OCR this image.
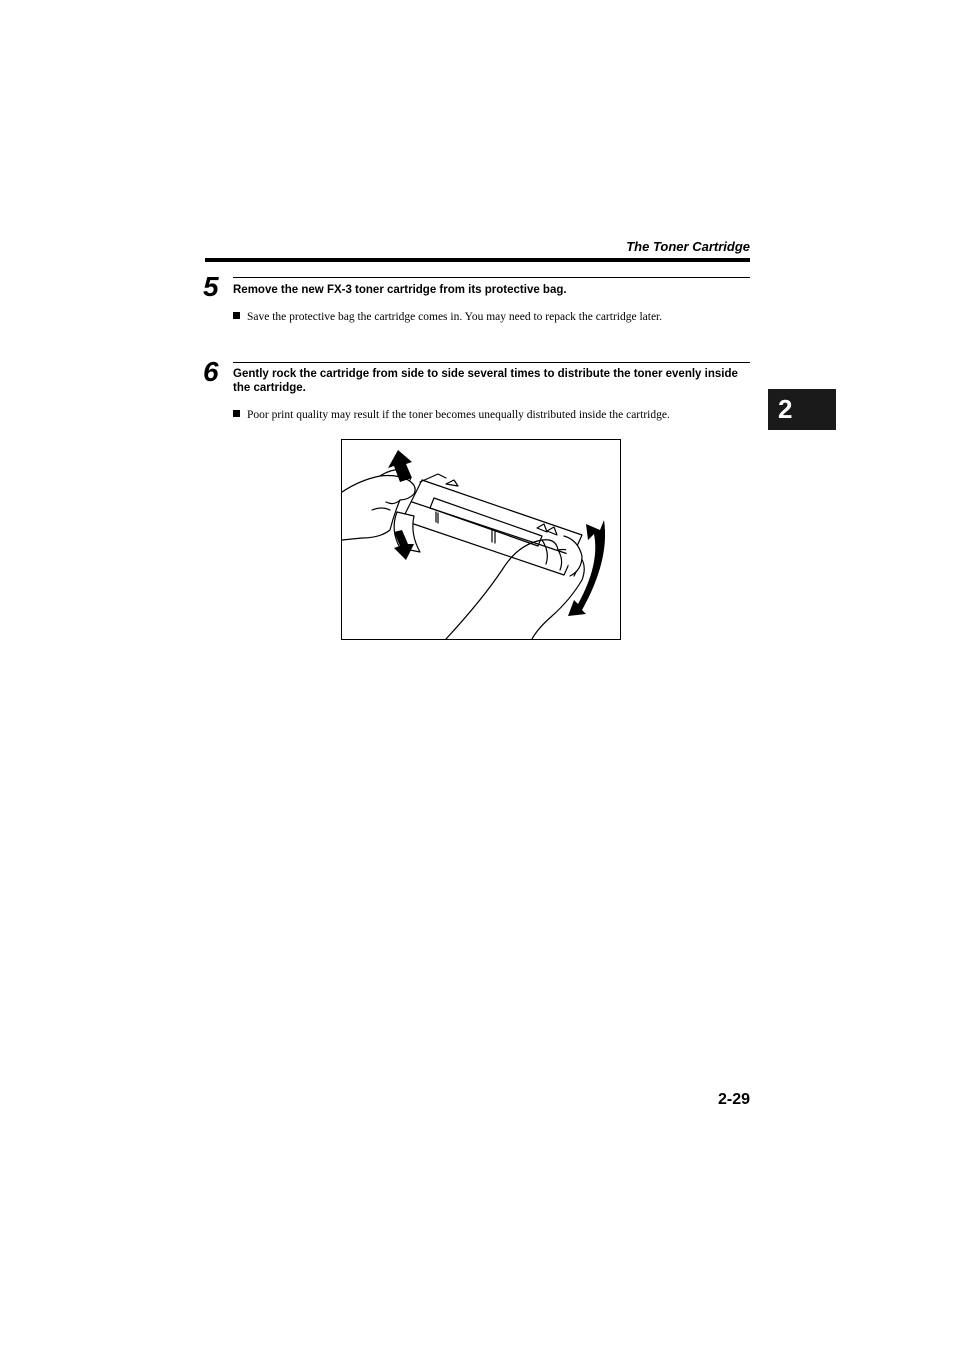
The Toner Cartridge
5 Remove the new FX-3 toner cartridge from its protective bag.
Save the protective bag the cartridge comes in. You may need to repack the cartridge later.
6 Gently rock the cartridge from side to side several times to distribute the toner evenly inside the cartridge.
Poor print quality may result if the toner becomes unequally distributed inside the cartridge.	2
2-29
